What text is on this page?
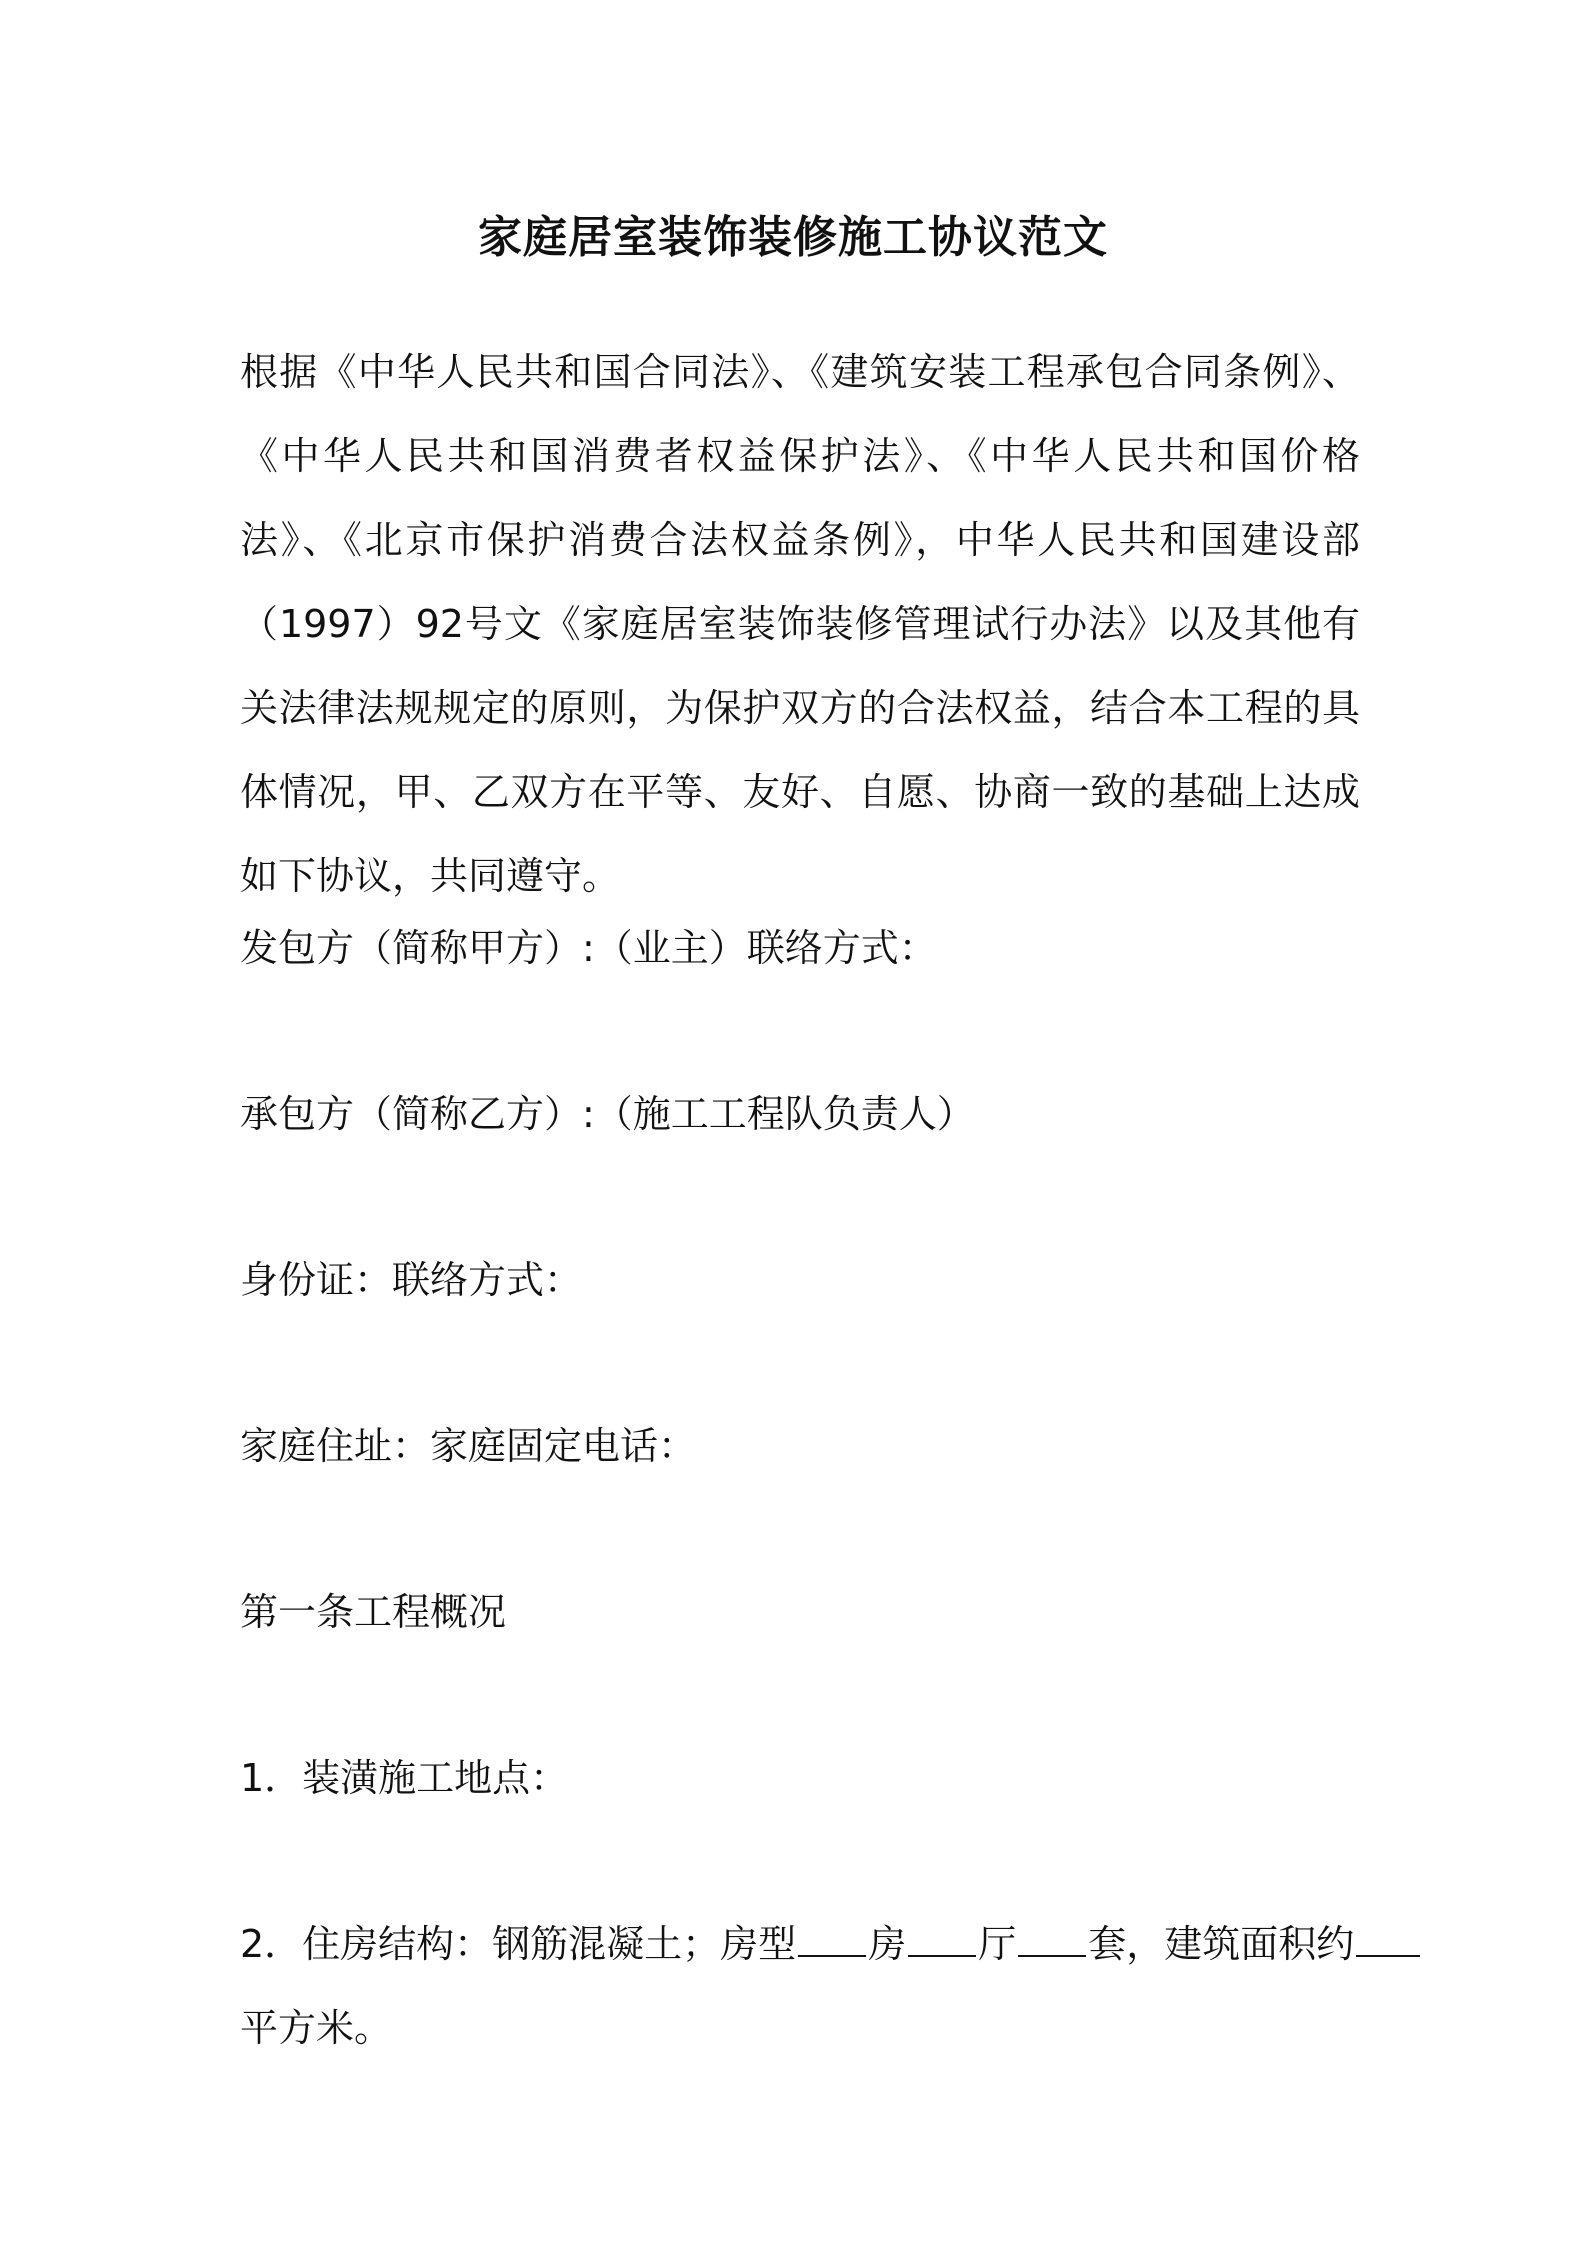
家庭居室装饰装修施工协议范文

根据《中华人民共和国合同法》、《建筑安装工程承包合同条例》、《中华人民共和国消费者权益保护法》、《中华人民共和国价格法》、《北京市保护消费合法权益条例》，中华人民共和国建设部（1997）92号文《家庭居室装饰装修管理试行办法》以及其他有关法律法规规定的原则，为保护双方的合法权益，结合本工程的具体情况，甲、乙双方在平等、友好、自愿、协商一致的基础上达成如下协议，共同遵守。

发包方（简称甲方）:（业主）联络方式：

承包方（简称乙方）:（施工工程队负责人）

身份证：联络方式：

家庭住址：家庭固定电话：

第一条工程概况

1．装潢施工地点：

2．住房结构：钢筋混凝土；房型 房 厅 套，建筑面积约

平方米。
